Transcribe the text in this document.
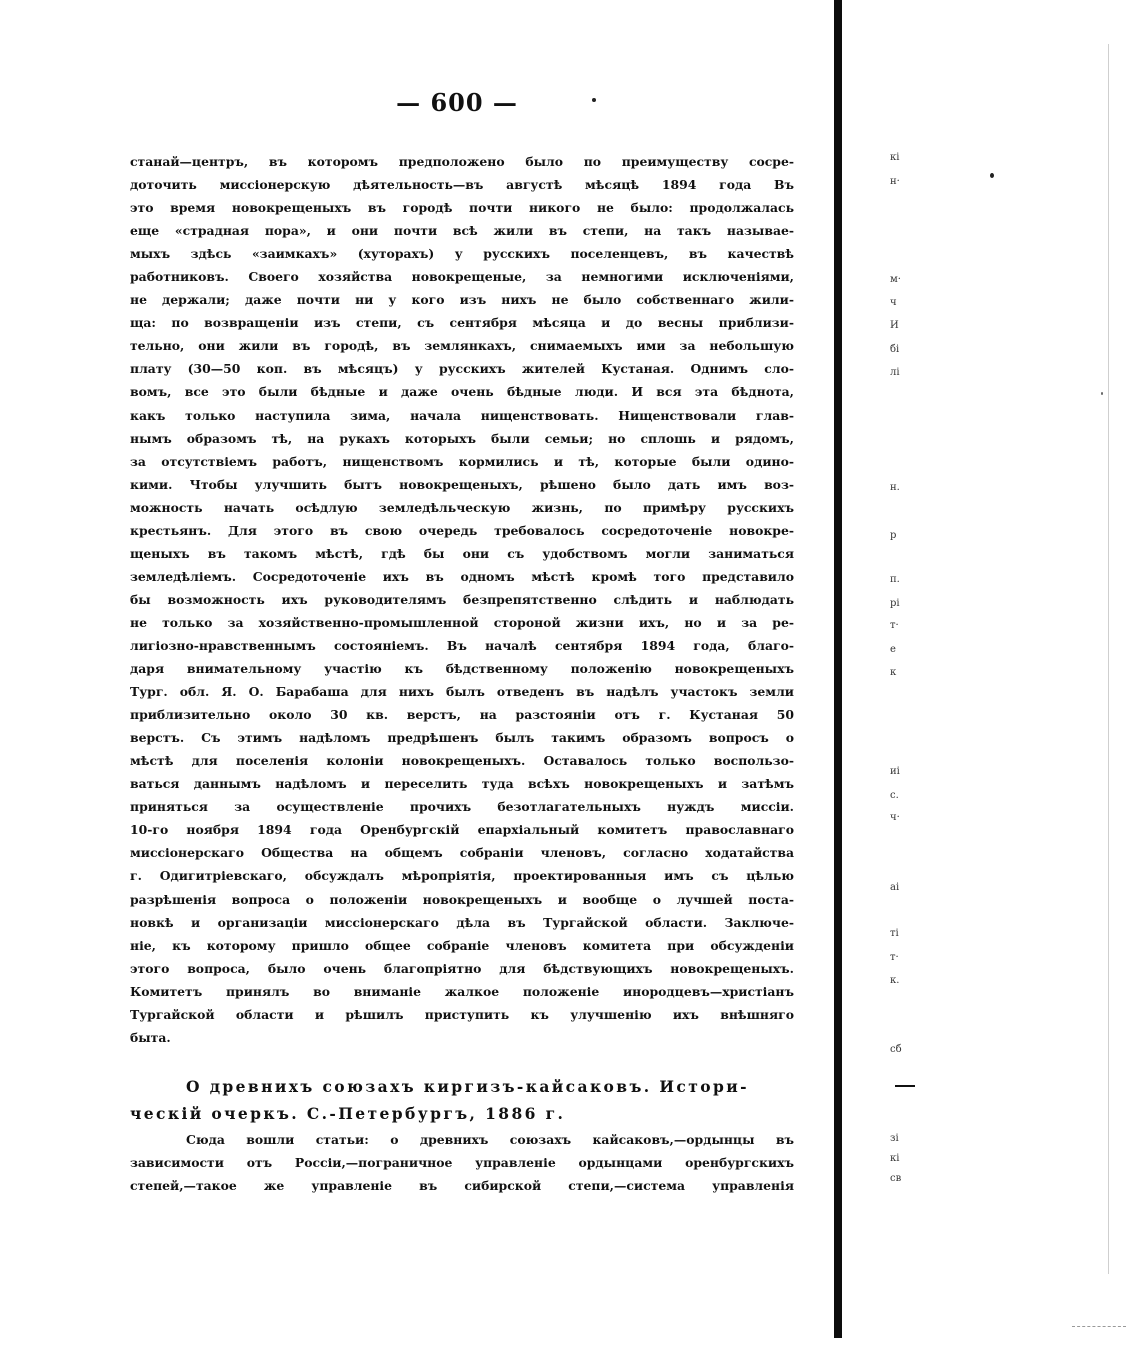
— 600 —
станай—центръ, въ которомъ предположено было по преимуществу сосре-
доточить миссіонерскую дѣятельность—въ августѣ мѣсяцѣ 1894 года Въ
это время новокрещеныхъ въ городѣ почти никого не было: продолжалась
еще «страдная пора», и они почти всѣ жили въ степи, на такъ называе-
мыхъ здѣсь «заимкахъ» (хуторахъ) у русскихъ поселенцевъ, въ качествѣ
работниковъ. Своего хозяйства новокрещеные, за немногими исключеніями,
не держали; даже почти ни у кого изъ нихъ не было собственнаго жили-
ща: по возвращеніи изъ степи, съ сентября мѣсяца и до весны приблизи-
тельно, они жили въ городѣ, въ землянкахъ, снимаемыхъ ими за небольшую
плату (30—50 коп. въ мѣсяцъ) у русскихъ жителей Кустаная. Однимъ сло-
вомъ, все это были бѣдные и даже очень бѣдные люди. И вся эта бѣднота,
какъ только наступила зима, начала нищенствовать. Нищенствовали глав-
нымъ образомъ тѣ, на рукахъ которыхъ были семьи; но сплошь и рядомъ,
за отсутствіемъ работъ, нищенствомъ кормились и тѣ, которые были одино-
кими. Чтобы улучшить бытъ новокрещеныхъ, рѣшено было дать имъ воз-
можность начать осѣдлую земледѣльческую жизнь, по примѣру русскихъ
крестьянъ. Для этого въ свою очередь требовалось сосредоточеніе новокре-
щеныхъ въ такомъ мѣстѣ, гдѣ бы они съ удобствомъ могли заниматься
земледѣліемъ. Сосредоточеніе ихъ въ одномъ мѣстѣ кромѣ того представило
бы возможность ихъ руководителямъ безпрепятственно слѣдить и наблюдать
не только за хозяйственно-промышленной стороной жизни ихъ, но и за ре-
лигіозно-нравственнымъ состояніемъ. Въ началѣ сентября 1894 года, благо-
даря внимательному участію къ бѣдственному положенію новокрещеныхъ
Тург. обл. Я. О. Барабаша для нихъ былъ отведенъ въ надѣлъ участокъ земли
приблизительно около 30 кв. верстъ, на разстояніи отъ г. Кустаная 50
верстъ. Съ этимъ надѣломъ предрѣшенъ былъ такимъ образомъ вопросъ о
мѣстѣ для поселенія колоніи новокрещеныхъ. Оставалось только воспользо-
ваться даннымъ надѣломъ и переселить туда всѣхъ новокрещеныхъ и затѣмъ
приняться за осуществленіе прочихъ безотлагательныхъ нуждъ миссіи.
10-го ноября 1894 года Оренбургскій епархіальный комитетъ православнаго
миссіонерскаго Общества на общемъ собраніи членовъ, согласно ходатайства
г. Одигитріевскаго, обсуждалъ мѣропріятія, проектированныя имъ съ цѣлью
разрѣшенія вопроса о положеніи новокрещеныхъ и вообще о лучшей поста-
новкѣ и организаціи миссіонерскаго дѣла въ Тургайской области. Заключе-
ніе, къ которому пришло общее собраніе членовъ комитета при обсужденіи
этого вопроса, было очень благопріятно для бѣдствующихъ новокрещеныхъ.
Комитетъ принялъ во вниманіе жалкое положеніе инородцевъ—христіанъ
Тургайской области и рѣшилъ приступить къ улучшенію ихъ внѣшняго
быта.
О древнихъ союзахъ киргизъ-кайсаковъ. Истори-
ческій очеркъ. С.-Петербургъ, 1886 г.
Сюда вошли статьи: о древнихъ союзахъ кайсаковъ,—ордынцы въ
зависимости отъ Россіи,—пограничное управленіе ордынцами оренбургскихъ
степей,—такое же управленіе въ сибирской степи,—система управленія
кі
н·
м·
ч
И
бі
лі
н.
р
п.
рі
т·
е
к
иі
с.
ч·
аі
ті
т·
к.
сб
зі
кі
св
